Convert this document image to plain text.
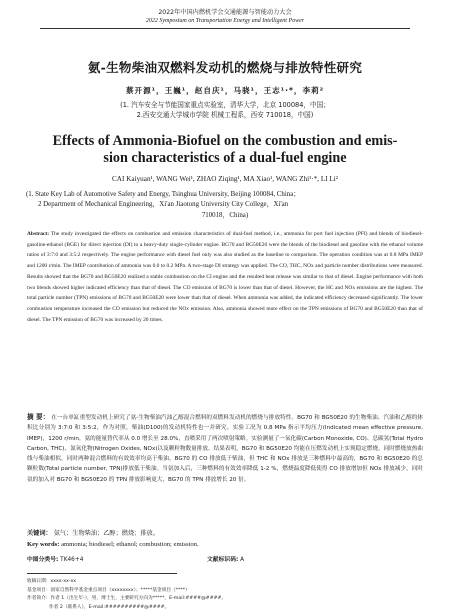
2022年中国内燃机学会交通能源与智能动力大会
2022 Symposium on Transportation Energy and Intelligent Power
氨-生物柴油双燃料发动机的燃烧与排放特性研究
蔡开源¹，王巍¹，赵自庆¹，马骁¹，王志¹·*，李莉²
(1. 汽车安全与节能国家重点实验室，清华大学，北京 100084，中国；
2.西安交通大学城市学院 机械工程系，西安 710018，中国)
Effects of Ammonia-Biofuel on the combustion and emis-
sion characteristics of a dual-fuel engine
CAI Kaiyuan¹, WANG Wei¹, ZHAO Ziqing¹, MA Xiao¹, WANG Zhi¹·*, LI Li²
(1. State Key Lab of Automotive Safety and Energy, Tsinghua University, Beijing 100084, China；
2 Department of Mechanical Engineering，Xi'an Jiaotong University City College，Xi'an
710018，China)
Abstract: The study investigated the effects on combustion and emission characteristics of dual-fuel method, i.e., ammonia for port fuel injection (PFI) and blends of biodiesel-gasoline-ethanol (BGE) for direct injection (DI) to a heavy-duty single-cylinder engine. BG70 and BG50E20 were the blends of the biodiesel and gasoline with the ethanol volume ratios of 3:7:0 and 3:5:2 respectively. The engine performance with diesel fuel only was also studied as the baseline to comparison. The operation condition was at 0.8 MPa IMEP and 1200 r/min. The IMEP contribution of ammonia was 0.0 to 0.2 MPa. A two-stage DI strategy was applied. The CO, THC, NOx and particle number distributions were measured. Results showed that the BG70 and BG50E20 realized a stable combustion on the CI engine and the resulted heat release was similar to that of diesel. Engine performance with both two blends showed higher indicated efficiency than that of diesel. The CO emission of BG70 is lower than that of diesel. However, the HC and NOx emissions are the highest. The total particle number (TPN) emissions of BG70 and BG50E20 were lower than that of diesel. When ammonia was added, the indicated efficiency decreased significantly. The lower combustion temperature increased the CO emission but reduced the NOx emission. Also, ammonia showed more effect on the TPN emissions of BG70 and BG50E20 than that of diesel. The TPN emission of BG70 was increased by 20 times.
摘 要： 在一台单缸重型发动机上研究了氨-生物柴油汽油乙醇混合燃料的双燃料发动机的燃烧与排放特性。BG70 和 BG50E20 的生物柴油、汽油和乙醇的体积比分别为 3:7:0 和 3:5:2，作为对照，柴油(D100)的发动机特性也一并研究。实验工况为 0.8 MPa 指示平均压力(Indicated mean effective pressure, IMEP)，1200 r/min，氨的能量替代率从 0.0 增长至 28.0%，直喷采用了两次喷射策略。实验测量了一氧化碳(Carbon Monoxide, CO)、总碳氢(Total Hydro Carbon, THC)、氮氧化物(Nitrogen Oxides, NOx)以及颗粒物数量排放。结果表明，BG70 和 BG50E20 均能在压燃发动机上实现稳定燃烧，同时燃烧放热曲线与柴油相似，同时两种混合燃料的有效效率均高于柴油。BG70 的 CO 排放低于柴油，但 THC 和 NOx 排放是三种燃料中最高的，BG70 和 BG50E20 的总颗粒数(Total particle number, TPN)排放低于柴油。当氨加入后，三种燃料的有效效率降低 1-2 %，燃烧温度降低使得 CO 排放增加但 NOx 排放减少，同时氨的加入对 BG70 和 BG50E20 的 TPN 排放影响更大，BG70 的 TPN 排放增长 20 倍。
关键词： 氨气；生物柴油；乙醇；燃烧；排放。
Key words: ammonia; biodiesel; ethanol; combustion; emission.
中图分类号: TK46+4	文献标识码: A
收稿日期：xxxx-xx-xx
基金项目：国家自然科学基金重点项目（xxxxxxxx）；*****基金项目（****）
作者简介：作者 1（出生年-），男，博士生，主要研究方向为*****，E-mail:####@####。
作者 2（联系人），E-mail:##########@####。
